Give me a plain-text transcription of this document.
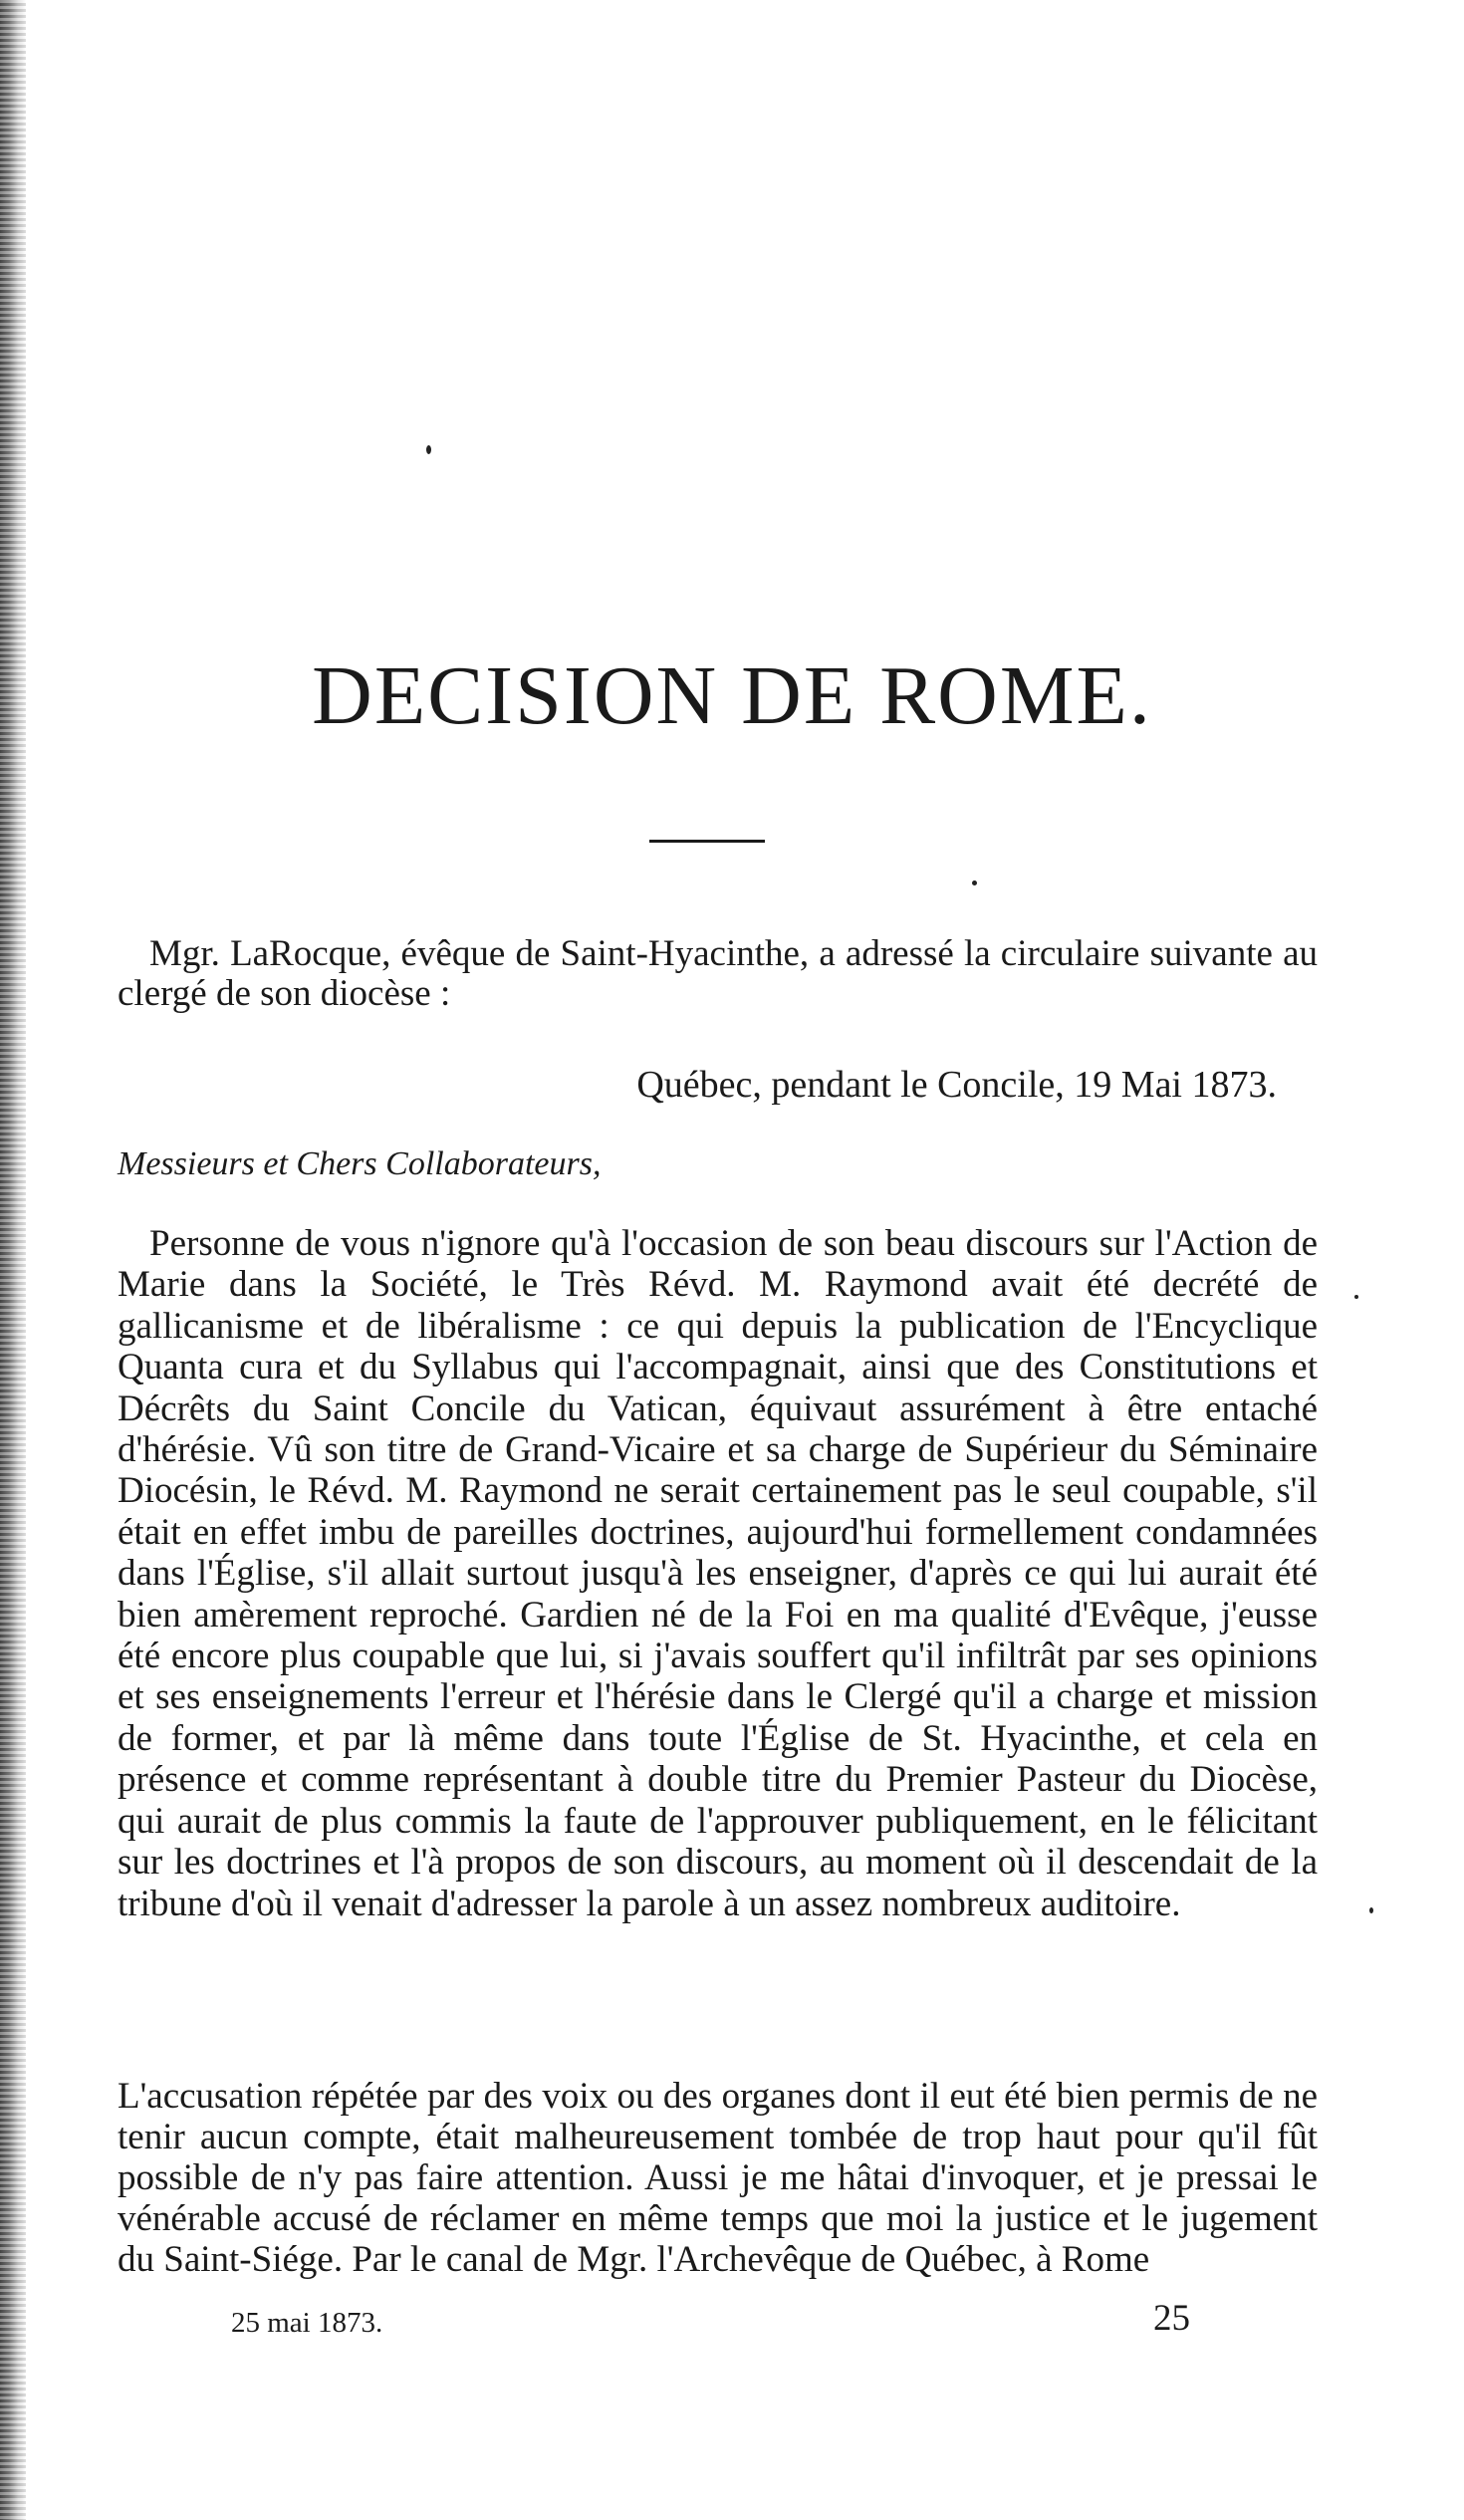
DECISION DE ROME.

Mgr. LaRocque, évêque de Saint-Hyacinthe, a adressé la circulaire suivante au clergé de son diocèse :

Québec, pendant le Concile, 19 Mai 1873.

Messieurs et Chers Collaborateurs,

Personne de vous n'ignore qu'à l'occasion de son beau discours sur l'Action de Marie dans la Société, le Très Révd. M. Raymond avait été decrété de gallicanisme et de libéralisme : ce qui depuis la publication de l'Encyclique Quanta cura et du Syllabus qui l'accompagnait, ainsi que des Constitutions et Décrêts du Saint Concile du Vatican, équivaut assurément à être entaché d'hérésie. Vû son titre de Grand-Vicaire et sa charge de Supérieur du Séminaire Diocésin, le Révd. M. Raymond ne serait certainement pas le seul coupable, s'il était en effet imbu de pareilles doctrines, aujourd'hui formellement condamnées dans l'Église, s'il allait surtout jusqu'à les enseigner, d'après ce qui lui aurait été bien amèrement reproché. Gardien né de la Foi en ma qualité d'Evêque, j'eusse été encore plus coupable que lui, si j'avais souffert qu'il infiltrât par ses opinions et ses enseignements l'erreur et l'hérésie dans le Clergé qu'il a charge et mission de former, et par là même dans toute l'Église de St. Hyacinthe, et cela en présence et comme représentant à double titre du Premier Pasteur du Diocèse, qui aurait de plus commis la faute de l'approuver publiquement, en le félicitant sur les doctrines et l'à propos de son discours, au moment où il descendait de la tribune d'où il venait d'adresser la parole à un assez nombreux auditoire.

L'accusation répétée par des voix ou des organes dont il eut été bien permis de ne tenir aucun compte, était malheureusement tombée de trop haut pour qu'il fût possible de n'y pas faire attention. Aussi je me hâtai d'invoquer, et je pressai le vénérable accusé de réclamer en même temps que moi la justice et le jugement du Saint-Siége. Par le canal de Mgr. l'Archevêque de Québec, à Rome

25 mai 1873.	25
